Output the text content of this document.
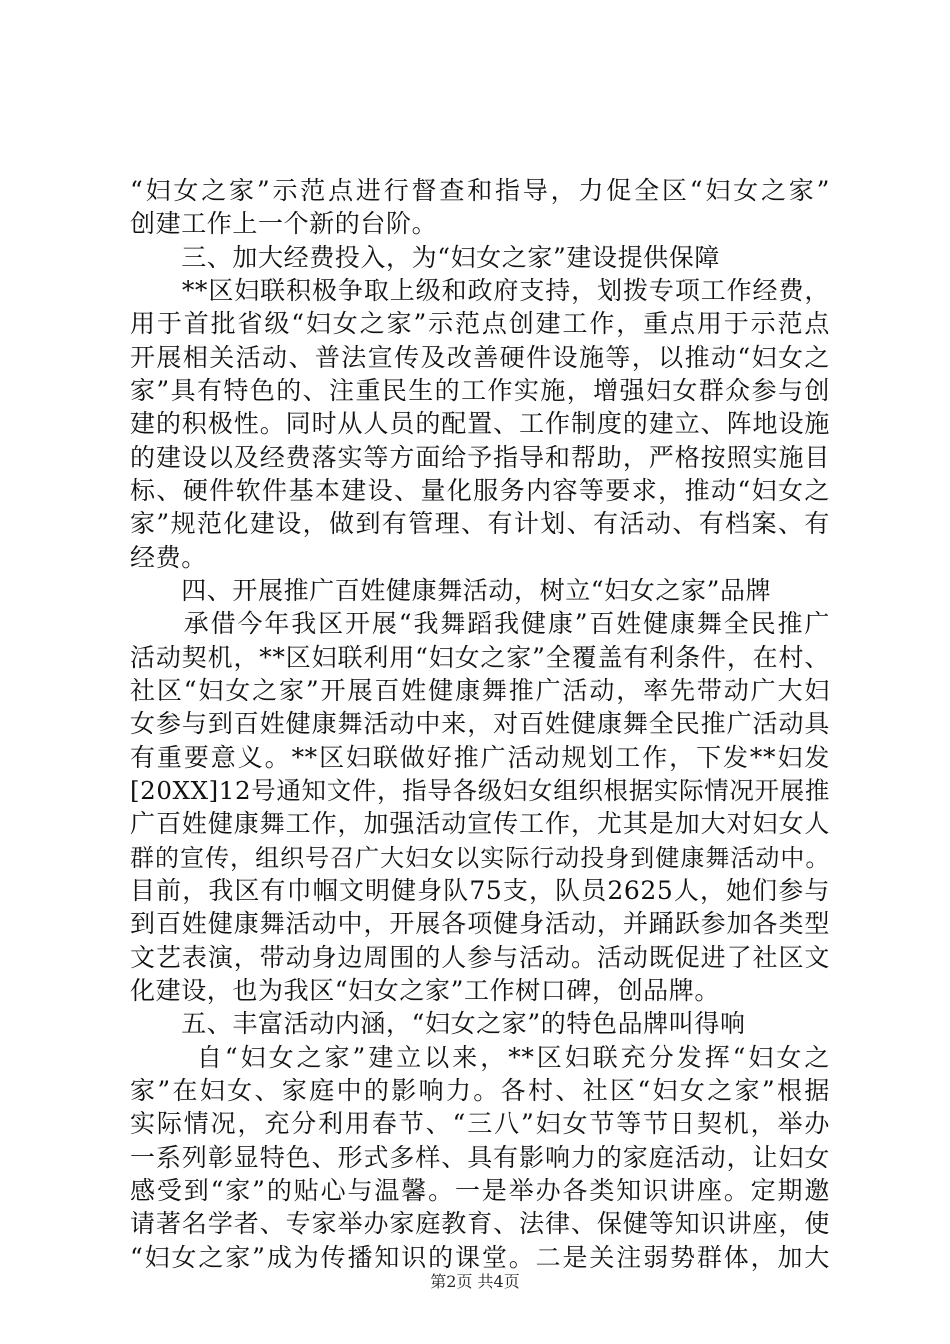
“妇女之家”示范点进行督查和指导，力促全区“妇女之家”
创建工作上一个新的台阶。
　　三、加大经费投入，为“妇女之家”建设提供保障
　　**区妇联积极争取上级和政府支持，划拨专项工作经费，
用于首批省级“妇女之家”示范点创建工作，重点用于示范点
开展相关活动、普法宣传及改善硬件设施等，以推动“妇女之
家”具有特色的、注重民生的工作实施，增强妇女群众参与创
建的积极性。同时从人员的配置、工作制度的建立、阵地设施
的建设以及经费落实等方面给予指导和帮助，严格按照实施目
标、硬件软件基本建设、量化服务内容等要求，推动“妇女之
家”规范化建设，做到有管理、有计划、有活动、有档案、有
经费。
　　四、开展推广百姓健康舞活动，树立“妇女之家”品牌
　　承借今年我区开展“我舞蹈我健康”百姓健康舞全民推广
活动契机，**区妇联利用“妇女之家”全覆盖有利条件，在村、
社区“妇女之家”开展百姓健康舞推广活动，率先带动广大妇
女参与到百姓健康舞活动中来，对百姓健康舞全民推广活动具
有重要意义。**区妇联做好推广活动规划工作，下发**妇发
[20XX]12号通知文件，指导各级妇女组织根据实际情况开展推
广百姓健康舞工作，加强活动宣传工作，尤其是加大对妇女人
群的宣传，组织号召广大妇女以实际行动投身到健康舞活动中。
目前，我区有巾帼文明健身队75支，队员2625人，她们参与
到百姓健康舞活动中，开展各项健身活动，并踊跃参加各类型
文艺表演，带动身边周围的人参与活动。活动既促进了社区文
化建设，也为我区“妇女之家”工作树口碑，创品牌。
　　五、丰富活动内涵，“妇女之家”的特色品牌叫得响
　　 自“妇女之家”建立以来，**区妇联充分发挥“妇女之
家”在妇女、家庭中的影响力。各村、社区“妇女之家”根据
实际情况，充分利用春节、“三八”妇女节等节日契机，举办
一系列彰显特色、形式多样、具有影响力的家庭活动，让妇女
感受到“家”的贴心与温馨。一是举办各类知识讲座。定期邀
请著名学者、专家举办家庭教育、法律、保健等知识讲座，使
“妇女之家”成为传播知识的课堂。二是关注弱势群体，加大
第2页 共4页
